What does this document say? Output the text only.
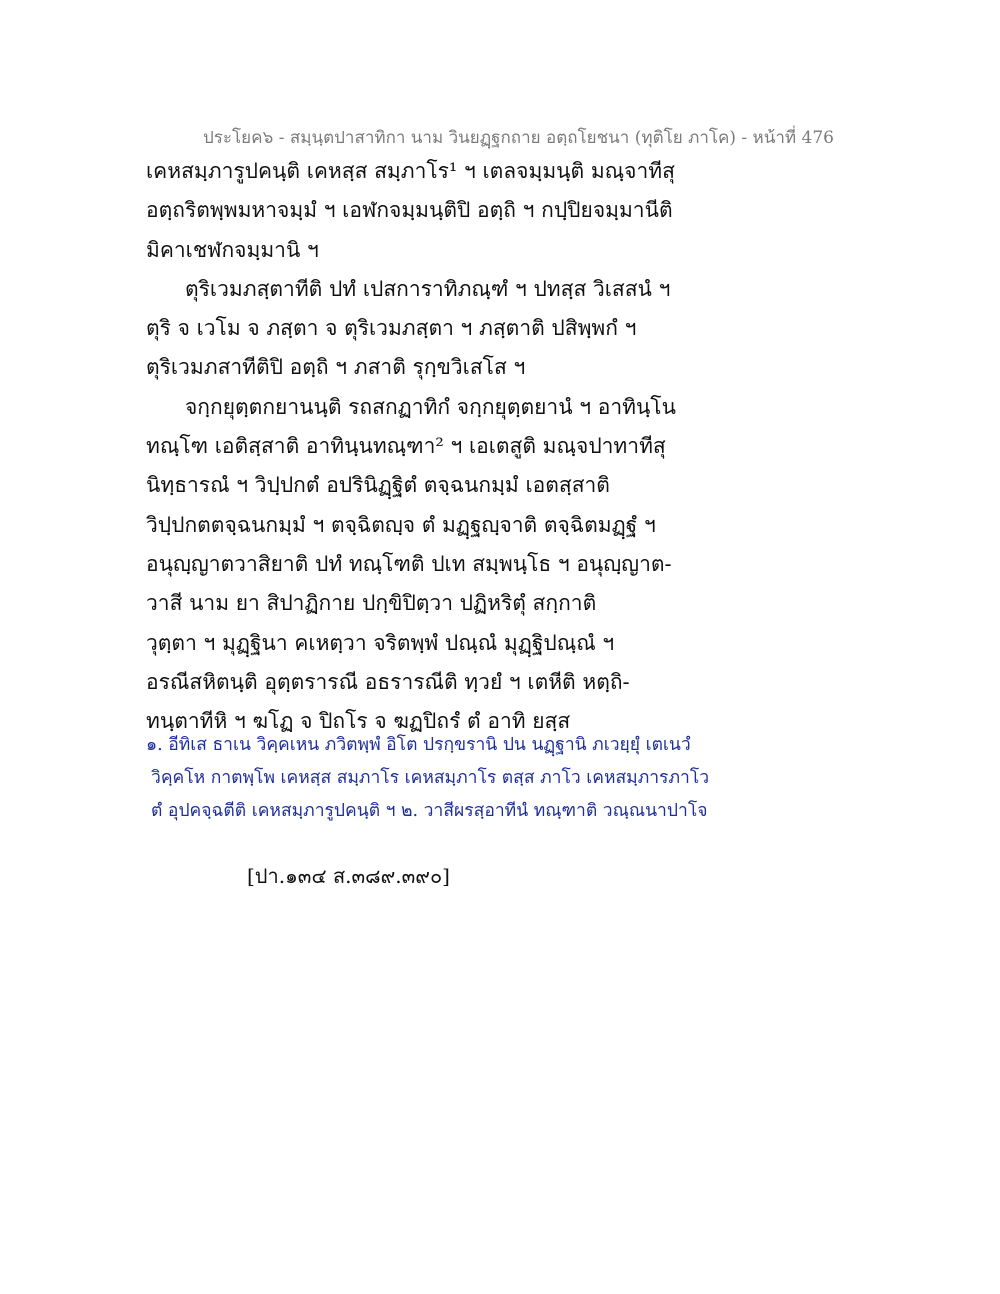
ประโยค๖ - สมฺนฺตปาสาทิกา นาม วินยฏฺฐกถาย อตฺถโยชนา (ทุติโย ภาโค) - หน้าที่ 476
เคหสมฺภารูปคนฺติ เคหสฺส สมฺภาโร¹ ฯ เตลจมฺมนฺติ มณฺจาทีสุ
อตฺถริตพฺพมหาจมฺมํ ฯ เอฬกจมฺมนฺติปิ อตฺถิ ฯ กปฺปิยจมฺมานีติ
มิคาเชฬกจมฺมานิ ฯ
ตุริเวมภสฺตาทีติ ปทํ เปสการาทิภณฺฑํ ฯ ปทสฺส วิเสสนํ ฯ
ตุริ จ เวโม จ ภสฺตา จ ตุริเวมภสฺตา ฯ ภสฺตาติ ปสิพฺพกํ ฯ
ตุริเวมภสาทีติปิ อตฺถิ ฯ ภสาติ รุกฺขวิเสโส ฯ
จกฺกยุตฺตกยานนฺติ รถสกฏาทิกํ จกฺกยุตฺตยานํ ฯ อาทินฺโน
ทณฺโฑ เอติสฺสาติ อาทินฺนทณฺฑา² ฯ เอเตสูติ มณฺจปาทาทีสุ
นิทฺธารณํ ฯ วิปฺปกตํ อปรินิฏฺฐิตํ ตจฺฉนกมฺมํ เอตสฺสาติ
วิปฺปกตตจฺฉนกมฺมํ ฯ ตจฺฉิตญฺจ ตํ มฏฺฐญฺจาติ ตจฺฉิตมฏฺฐํ ฯ
อนุญฺญาตวาสิยาติ ปทํ ทณฺโฑติ ปเท สมฺพนฺโธ ฯ อนุญฺญาต-
วาสี นาม ยา สิปาฏิกาย ปกฺขิปิตฺวา ปฏิหริตุํ สกฺกาติ
วุตฺตา ฯ มุฏฺฐินา คเหตฺวา จริตพฺพํ ปณฺณํ มุฏฺฐิปณฺณํ ฯ
อรณีสหิตนฺติ อุตฺตรารณี อธรารณีติ ทฺวยํ ฯ เตหีติ หตฺถิ-
ทนฺตาทีหิ ฯ ฆโฏ จ ปิถโร จ ฆฏปิถรํ ตํ อาทิ ยสฺส
๑. อีทิเส ธาเน วิคฺคเหน ภวิตพฺพํ อิโต ปรกฺขรานิ ปน นฏฺฐานิ ภเวยฺยุํ เตเนวํ
วิคฺคโห กาตพฺโพ เคหสฺส สมฺภาโร เคหสมฺภาโร ตสฺส ภาโว เคหสมฺภารภาโว
ตํ อุปคจฺฉตีติ เคหสมฺภารูปคนฺติ ฯ ๒. วาสีผรสฺอาทีนํ ทณฺฑาติ วณฺณนาปาโจ
[ปา.๑๓๔ ส.๓๘๙.๓๙๐]
